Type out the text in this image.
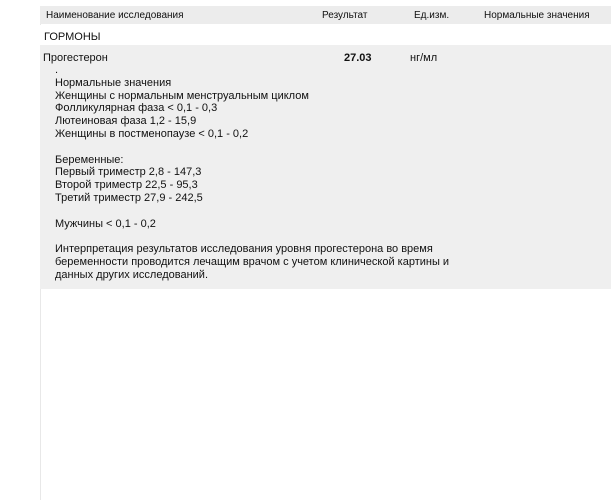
Наименование исследования	Результат	Ед.изм.	Нормальные значения
ГОРМОНЫ
Прогестерон	27.03	нг/мл
.
Нормальные значения
Женщины с нормальным менструальным циклом
Фолликулярная фаза < 0,1 - 0,3
Лютеиновая фаза 1,2 - 15,9
Женщины в постменопаузе < 0,1 - 0,2
Беременные:
Первый триместр 2,8 - 147,3
Второй триместр 22,5 - 95,3
Третий триместр 27,9 - 242,5
Мужчины < 0,1 - 0,2
Интерпретация результатов исследования уровня прогестерона во время
беременности проводится лечащим врачом с учетом клинической картины и
данных других исследований.
